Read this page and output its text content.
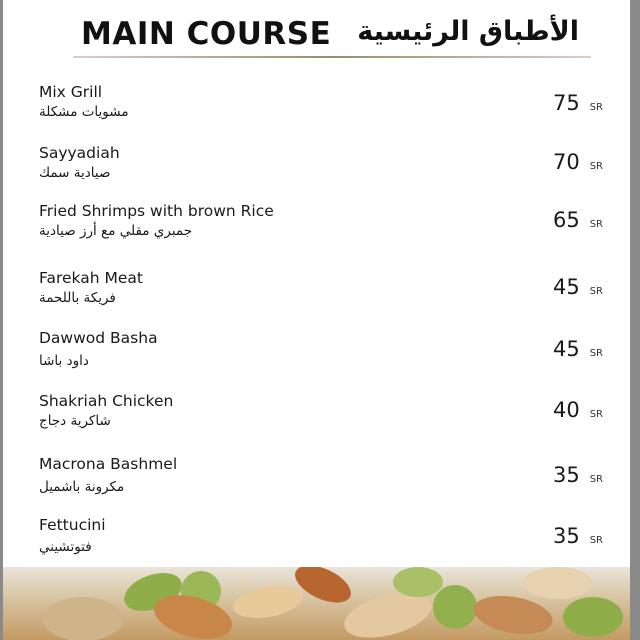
MAIN COURSE الأطباق الرئيسية
Mix Grill
مشويات مشكلة	75 SR
Sayyadiah
صيادية سمك	70 SR
Fried Shrimps with brown Rice
جمبري مقلي مع أرز صيادية	65 SR
Farekah Meat
فريكة باللحمة	45 SR
Dawwod Basha
داود باشا	45 SR
Shakriah Chicken
شاكرية دجاج	40 SR
Macrona Bashmel
مكرونة باشميل	35 SR
Fettucini
فتوتشيني	35 SR
